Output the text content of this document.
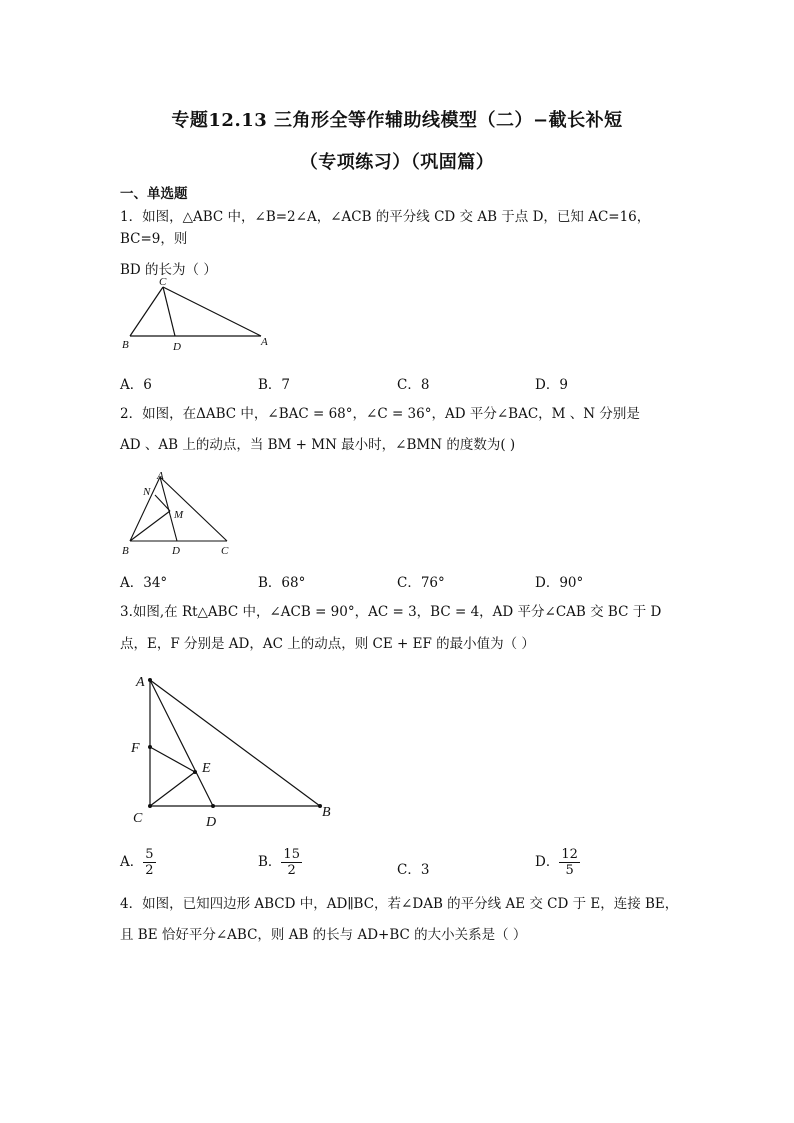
专题12.13 三角形全等作辅助线模型（二）−截长补短
（专项练习）（巩固篇）
一、单选题
1．如图，△ABC 中，∠B=2∠A，∠ACB 的平分线 CD 交 AB 于点 D，已知 AC=16，BC=9，则
BD 的长为（ ）
C
B	D	A
A．6	B．7	C．8	D．9
2．如图，在ΔABC 中，∠BAC = 68°，∠C = 36°，AD 平分∠BAC，M 、N 分别是
AD 、AB 上的动点，当 BM + MN 最小时，∠BMN 的度数为( )
A
N
M
B	D	C
A．34°	B．68°	C．76°	D．90°
3.如图,在 Rt△ABC 中，∠ACB = 90°，AC = 3，BC = 4，AD 平分∠CAB 交 BC 于 D
点，E，F 分别是 AD，AC 上的动点，则 CE + EF 的最小值为（ ）
A
F
E
C	D
B
A． $\frac{5}{2}$	B． $\frac{15}{2}$	C．3	D． $\frac{12}{5}$
4．如图，已知四边形 ABCD 中，AD∥BC，若∠DAB 的平分线 AE 交 CD 于 E，连接 BE，
且 BE 恰好平分∠ABC，则 AB 的长与 AD+BC 的大小关系是（ ）
